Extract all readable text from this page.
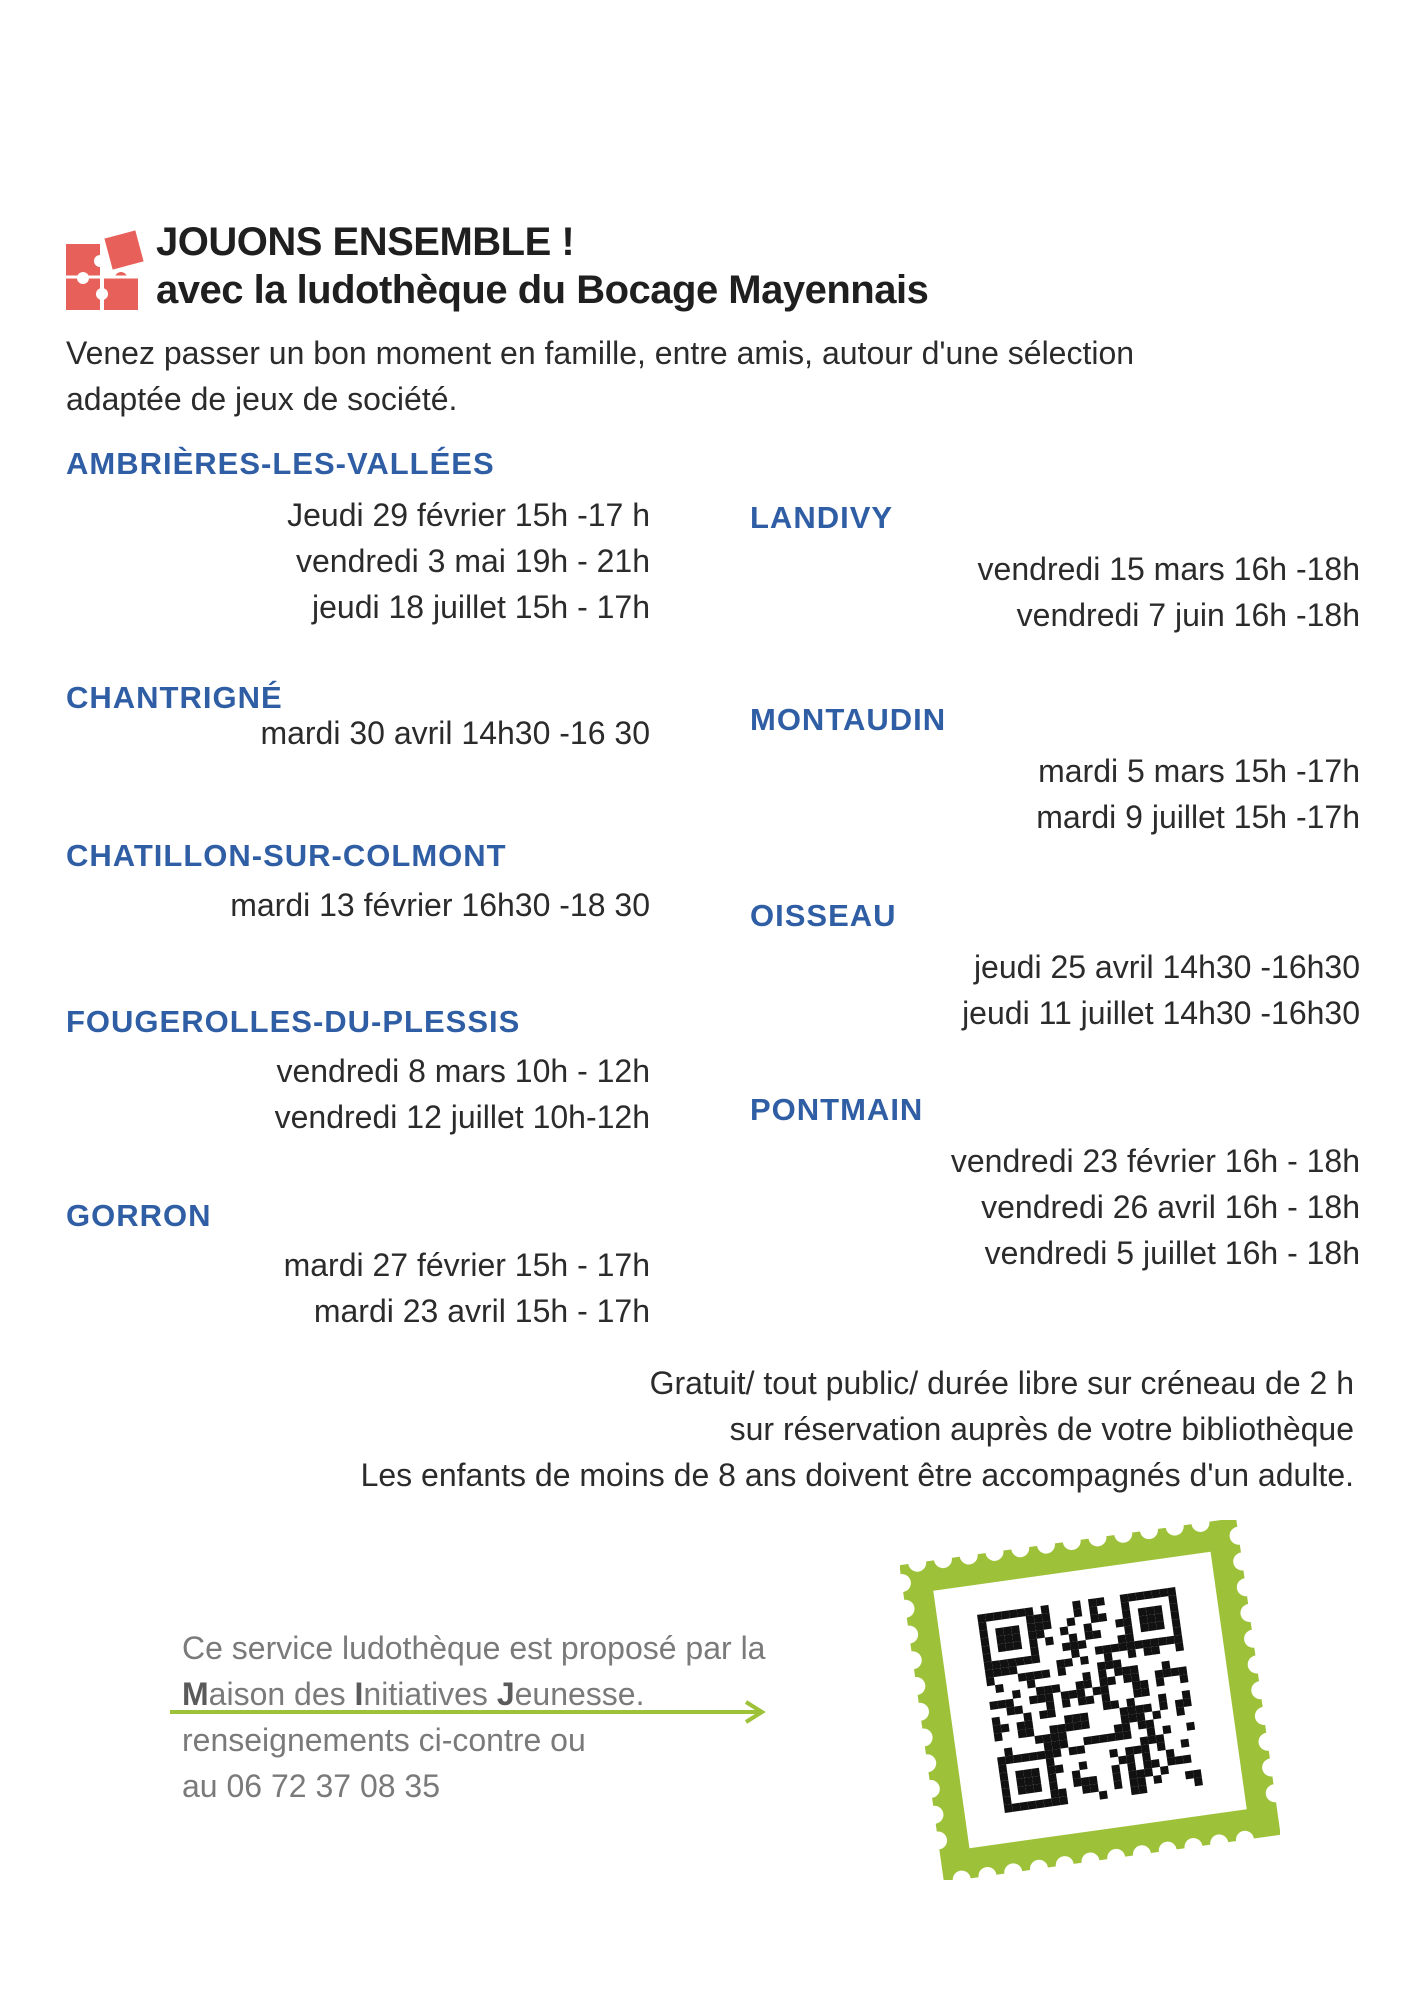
JOUONS ENSEMBLE !
avec la ludothèque du Bocage Mayennais
Venez passer un bon moment en famille, entre amis, autour d'une sélection
adaptée de jeux de société.
AMBRIÈRES-LES-VALLÉES
Jeudi 29 février 15h -17 h
vendredi 3 mai 19h - 21h
jeudi 18 juillet 15h - 17h
CHANTRIGNÉ
mardi 30 avril 14h30 -16 30
CHATILLON-SUR-COLMONT
mardi 13 février 16h30 -18 30
FOUGEROLLES-DU-PLESSIS
vendredi 8 mars 10h - 12h
vendredi 12 juillet 10h-12h
GORRON
mardi 27 février 15h - 17h
mardi 23 avril 15h - 17h
LANDIVY
vendredi 15 mars 16h -18h
vendredi 7 juin 16h -18h
MONTAUDIN
mardi 5 mars 15h -17h
mardi 9 juillet 15h -17h
OISSEAU
jeudi 25 avril 14h30 -16h30
jeudi 11 juillet 14h30 -16h30
PONTMAIN
vendredi 23 février 16h - 18h
vendredi 26 avril 16h - 18h
vendredi 5 juillet 16h - 18h
Gratuit/ tout public/ durée libre sur créneau de 2 h
sur réservation auprès de votre bibliothèque
Les enfants de moins de 8 ans doivent être accompagnés d'un adulte.
Ce service ludothèque est proposé par la
Maison des Initiatives Jeunesse.
renseignements ci-contre ou
au 06 72 37 08 35
